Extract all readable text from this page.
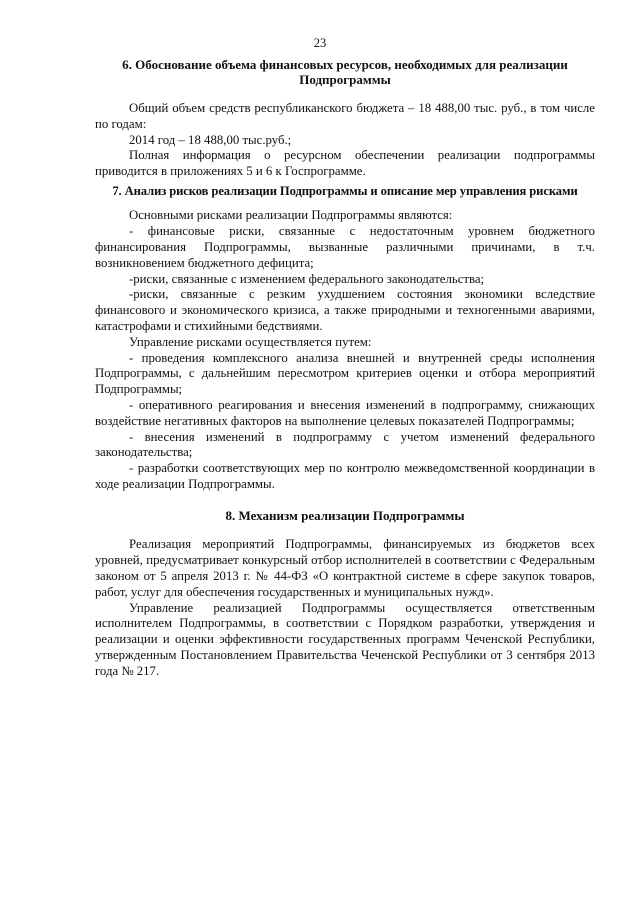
23

6. Обоснование объема финансовых ресурсов, необходимых для реализации Подпрограммы

Общий объем средств республиканского бюджета – 18 488,00 тыс. руб., в том числе по годам:

2014 год – 18 488,00 тыс.руб.;

Полная информация о ресурсном обеспечении реализации подпрограммы приводится в приложениях 5 и 6 к Госпрограмме.

7. Анализ рисков реализации Подпрограммы и описание мер управления рисками

Основными рисками реализации Подпрограммы являются:

- финансовые риски, связанные с недостаточным уровнем бюджетного финансирования Подпрограммы, вызванные различными причинами, в т.ч. возникновением бюджетного дефицита;

-риски, связанные с изменением федерального законодательства;

-риски, связанные с резким ухудшением состояния экономики вследствие финансового и экономического кризиса, а также природными и техногенными авариями, катастрофами и стихийными бедствиями.

Управление рисками осуществляется путем:

- проведения комплексного анализа внешней и внутренней среды исполнения Подпрограммы, с дальнейшим пересмотром критериев оценки и отбора мероприятий Подпрограммы;

- оперативного реагирования и внесения изменений в подпрограмму, снижающих воздействие негативных факторов на выполнение целевых показателей Подпрограммы;

- внесения изменений в подпрограмму с учетом изменений федерального законодательства;

- разработки соответствующих мер по контролю межведомственной координации в ходе реализации Подпрограммы.

8. Механизм реализации Подпрограммы

Реализация мероприятий Подпрограммы, финансируемых из бюджетов всех уровней, предусматривает конкурсный отбор исполнителей в соответствии с Федеральным законом от 5 апреля 2013 г. № 44-ФЗ «О контрактной системе в сфере закупок товаров, работ, услуг для обеспечения государственных и муниципальных нужд».

Управление реализацией Подпрограммы осуществляется ответственным исполнителем Подпрограммы, в соответствии с Порядком разработки, утверждения и реализации и оценки эффективности государственных программ Чеченской Республики, утвержденным Постановлением Правительства Чеченской Республики от 3 сентября 2013 года № 217.
